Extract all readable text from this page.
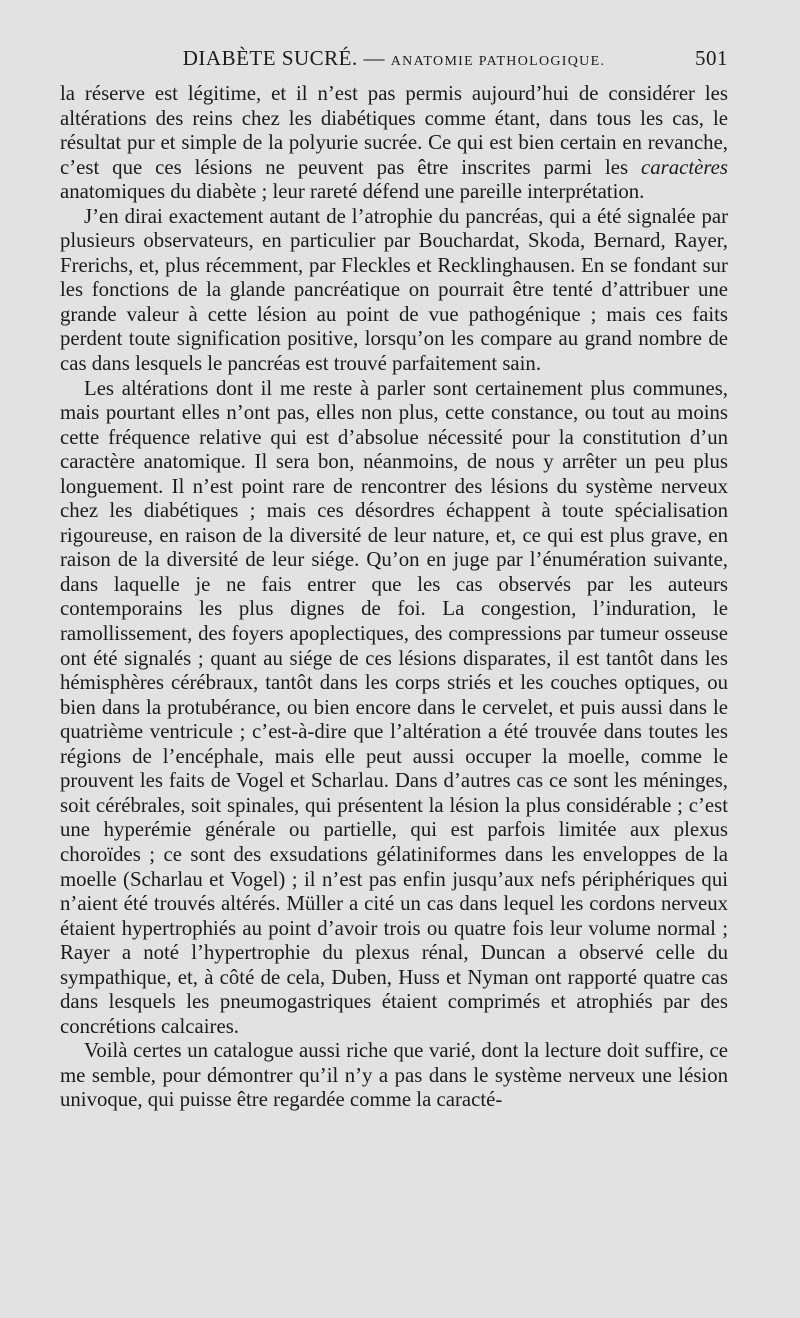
DIABÈTE SUCRÉ. — ANATOMIE PATHOLOGIQUE.	501

la réserve est légitime, et il n’est pas permis aujourd’hui de considérer les altérations des reins chez les diabétiques comme étant, dans tous les cas, le résultat pur et simple de la polyurie sucrée. Ce qui est bien certain en revanche, c’est que ces lésions ne peuvent pas être inscrites parmi les caractères anatomiques du diabète ; leur rareté défend une pareille interprétation.

J’en dirai exactement autant de l’atrophie du pancréas, qui a été signalée par plusieurs observateurs, en particulier par Bouchardat, Skoda, Bernard, Rayer, Frerichs, et, plus récemment, par Fleckles et Recklinghausen. En se fondant sur les fonctions de la glande pancréatique on pourrait être tenté d’attribuer une grande valeur à cette lésion au point de vue pathogénique ; mais ces faits perdent toute signification positive, lorsqu’on les compare au grand nombre de cas dans lesquels le pancréas est trouvé parfaitement sain.

Les altérations dont il me reste à parler sont certainement plus communes, mais pourtant elles n’ont pas, elles non plus, cette constance, ou tout au moins cette fréquence relative qui est d’absolue nécessité pour la constitution d’un caractère anatomique. Il sera bon, néanmoins, de nous y arrêter un peu plus longuement. Il n’est point rare de rencontrer des lésions du système nerveux chez les diabétiques ; mais ces désordres échappent à toute spécialisation rigoureuse, en raison de la diversité de leur nature, et, ce qui est plus grave, en raison de la diversité de leur siége. Qu’on en juge par l’énumération suivante, dans laquelle je ne fais entrer que les cas observés par les auteurs contemporains les plus dignes de foi. La congestion, l’induration, le ramollissement, des foyers apoplectiques, des compressions par tumeur osseuse ont été signalés ; quant au siége de ces lésions disparates, il est tantôt dans les hémisphères cérébraux, tantôt dans les corps striés et les couches optiques, ou bien dans la protubérance, ou bien encore dans le cervelet, et puis aussi dans le quatrième ventricule ; c’est-à-dire que l’altération a été trouvée dans toutes les régions de l’encéphale, mais elle peut aussi occuper la moelle, comme le prouvent les faits de Vogel et Scharlau. Dans d’autres cas ce sont les méninges, soit cérébrales, soit spinales, qui présentent la lésion la plus considérable ; c’est une hyperémie générale ou partielle, qui est parfois limitée aux plexus choroïdes ; ce sont des exsudations gélatiniformes dans les enveloppes de la moelle (Scharlau et Vogel) ; il n’est pas enfin jusqu’aux nefs périphériques qui n’aient été trouvés altérés. Müller a cité un cas dans lequel les cordons nerveux étaient hypertrophiés au point d’avoir trois ou quatre fois leur volume normal ; Rayer a noté l’hypertrophie du plexus rénal, Duncan a observé celle du sympathique, et, à côté de cela, Duben, Huss et Nyman ont rapporté quatre cas dans lesquels les pneumogastriques étaient comprimés et atrophiés par des concrétions calcaires.

Voilà certes un catalogue aussi riche que varié, dont la lecture doit suffire, ce me semble, pour démontrer qu’il n’y a pas dans le système nerveux une lésion univoque, qui puisse être regardée comme la caracté-
